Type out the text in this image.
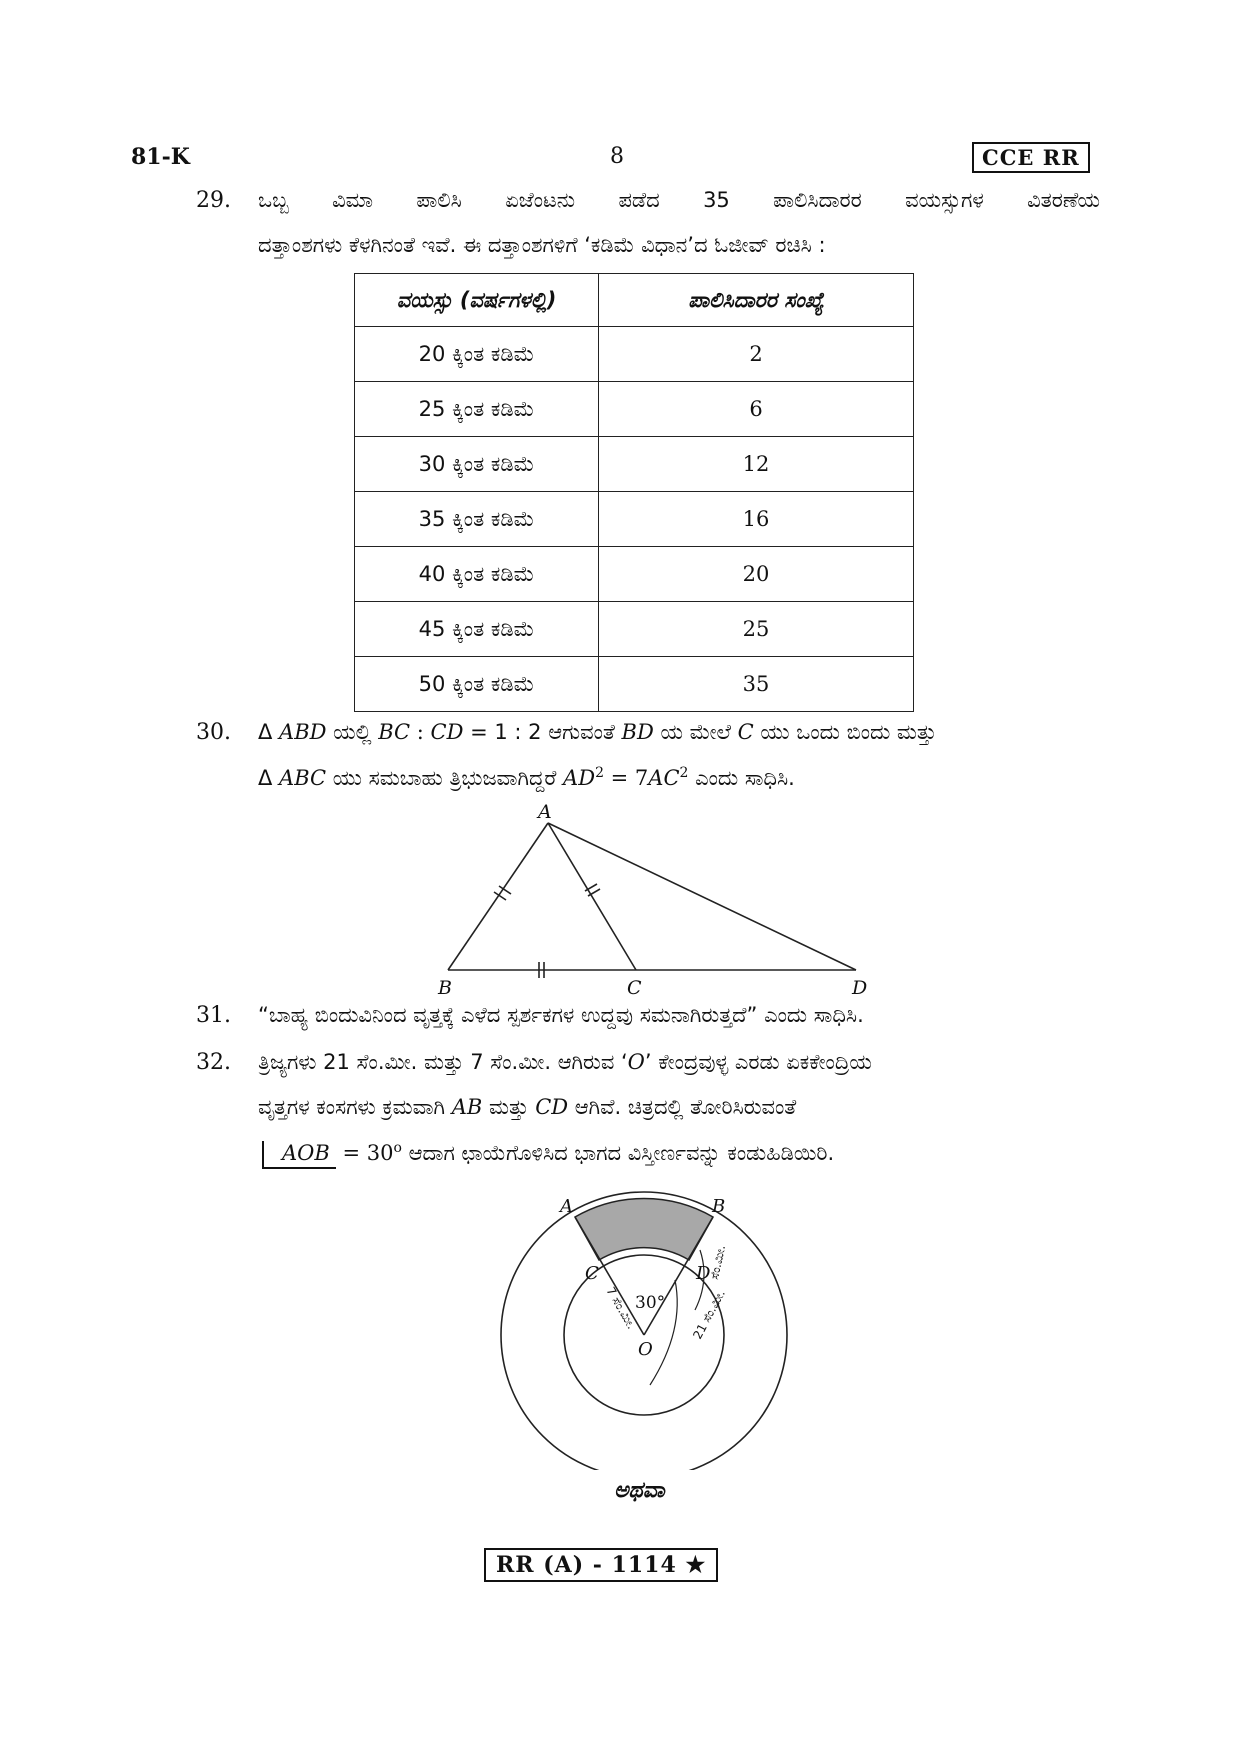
81-K	8	CCE RR
29. ಒಬ್ಬ ವಿಮಾ ಪಾಲಿಸಿ ಏಜೆಂಟನು ಪಡೆದ 35 ಪಾಲಿಸಿದಾರರ ವಯಸ್ಸುಗಳ ವಿತರಣೆಯ
ದತ್ತಾಂಶಗಳು ಕೆಳಗಿನಂತೆ ಇವೆ. ಈ ದತ್ತಾಂಶಗಳಿಗೆ ‘ಕಡಿಮೆ ವಿಧಾನ’ದ ಓಜೀವ್ ರಚಿಸಿ :
ವಯಸ್ಸು (ವರ್ಷಗಳಲ್ಲಿ)	ಪಾಲಿಸಿದಾರರ ಸಂಖ್ಯೆ
20 ಕ್ಕಿಂತ ಕಡಿಮೆ	2
25 ಕ್ಕಿಂತ ಕಡಿಮೆ	6
30 ಕ್ಕಿಂತ ಕಡಿಮೆ	12
35 ಕ್ಕಿಂತ ಕಡಿಮೆ	16
40 ಕ್ಕಿಂತ ಕಡಿಮೆ	20
45 ಕ್ಕಿಂತ ಕಡಿಮೆ	25
50 ಕ್ಕಿಂತ ಕಡಿಮೆ	35
30. Δ ABD ಯಲ್ಲಿ BC : CD = 1 : 2 ಆಗುವಂತೆ BD ಯ ಮೇಲೆ C ಯು ಒಂದು ಬಿಂದು ಮತ್ತು
Δ ABC ಯು ಸಮಬಾಹು ತ್ರಿಭುಜವಾಗಿದ್ದರೆ $AD^2 = 7AC^2$ ಎಂದು ಸಾಧಿಸಿ.
A
B	C	D
31. “ಬಾಹ್ಯ ಬಿಂದುವಿನಿಂದ ವೃತ್ತಕ್ಕೆ ಎಳೆದ ಸ್ಪರ್ಶಕಗಳ ಉದ್ದವು ಸಮನಾಗಿರುತ್ತದೆ” ಎಂದು ಸಾಧಿಸಿ.
32. ತ್ರಿಜ್ಯಗಳು 21 ಸೆಂ.ಮೀ. ಮತ್ತು 7 ಸೆಂ.ಮೀ. ಆಗಿರುವ ‘O’ ಕೇಂದ್ರವುಳ್ಳ ಎರಡು ಏಕಕೇಂದ್ರಿಯ
ವೃತ್ತಗಳ ಕಂಸಗಳು ಕ್ರಮವಾಗಿ AB ಮತ್ತು CD ಆಗಿವೆ. ಚಿತ್ರದಲ್ಲಿ ತೋರಿಸಿರುವಂತೆ
AOB = $30^o$ ಆದಾಗ ಛಾಯೆಗೊಳಿಸಿದ ಭಾಗದ ವಿಸ್ತೀರ್ಣವನ್ನು ಕಂಡುಹಿಡಿಯಿರಿ.
A	B
C	D
O
30°
7 ಸೆಂ.ಮೀ.	21 ಸೆಂ.ಮೀ.
ಸೆಂ.ಮೀ.
ಅಥವಾ
RR (A) - 1114 ★
